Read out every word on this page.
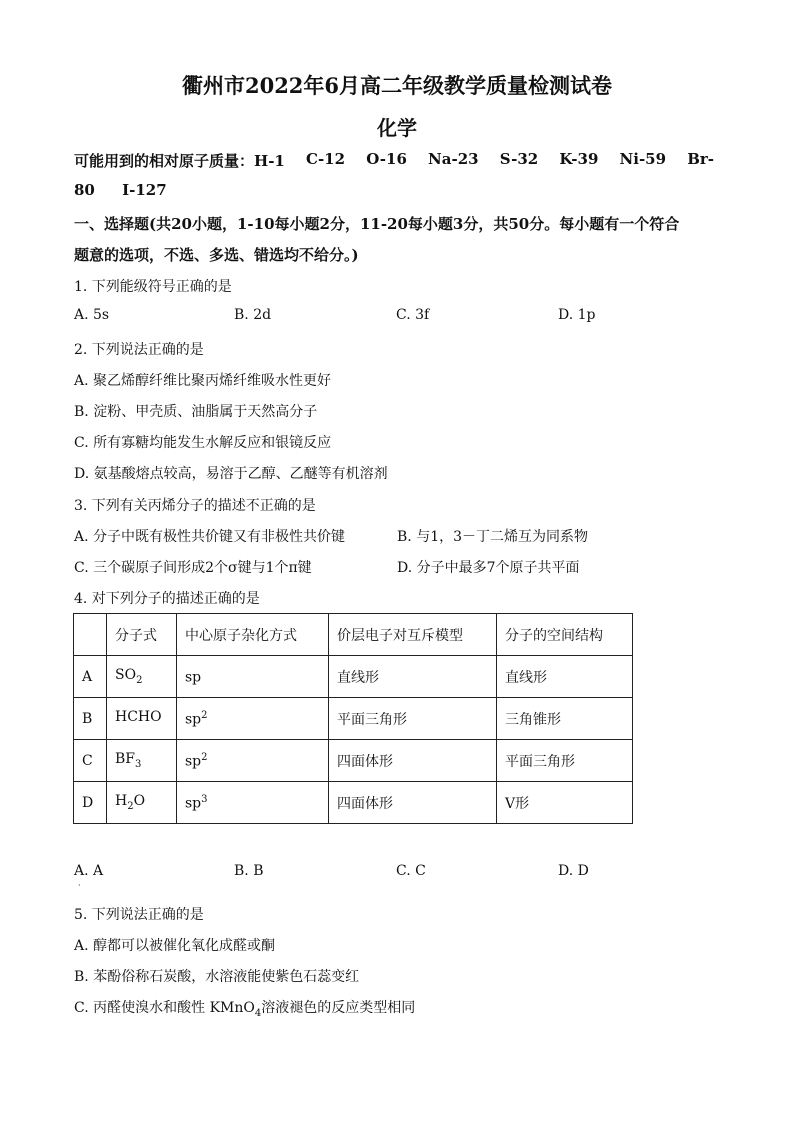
衢州市2022年6月高二年级教学质量检测试卷
化学
可能用到的相对原子质量：H-1 C-12 O-16 Na-23 S-32 K-39 Ni-59 Br-
80 I-127
一、选择题(共20小题，1-10每小题2分，11-20每小题3分，共50分。每小题有一个符合
题意的选项，不选、多选、错选均不给分。)
1. 下列能级符号正确的是
A. 5s	B. 2d	C. 3f	D. 1p
2. 下列说法正确的是
A. 聚乙烯醇纤维比聚丙烯纤维吸水性更好
B. 淀粉、甲壳质、油脂属于天然高分子
C. 所有寡糖均能发生水解反应和银镜反应
D. 氨基酸熔点较高，易溶于乙醇、乙醚等有机溶剂
3. 下列有关丙烯分子的描述不正确的是
A. 分子中既有极性共价键又有非极性共价键	B. 与1，3－丁二烯互为同系物
C. 三个碳原子间形成2个σ键与1个π键	D. 分子中最多7个原子共平面
4. 对下列分子的描述正确的是
	分子式	中心原子杂化方式	价层电子对互斥模型	分子的空间结构
A	$SO_2$	sp	直线形	直线形
B	HCHO	$sp^2$	平面三角形	三角锥形
C	$BF_3$	$sp^2$	四面体形	平面三角形
D	$H_2O$	$sp^3$	四面体形	V形
A. A	B. B	C. C	D. D
·
5. 下列说法正确的是
A. 醇都可以被催化氧化成醛或酮
B. 苯酚俗称石炭酸，水溶液能使紫色石蕊变红
C. 丙醛使溴水和酸性 KMnO$_4$溶液褪色的反应类型相同
